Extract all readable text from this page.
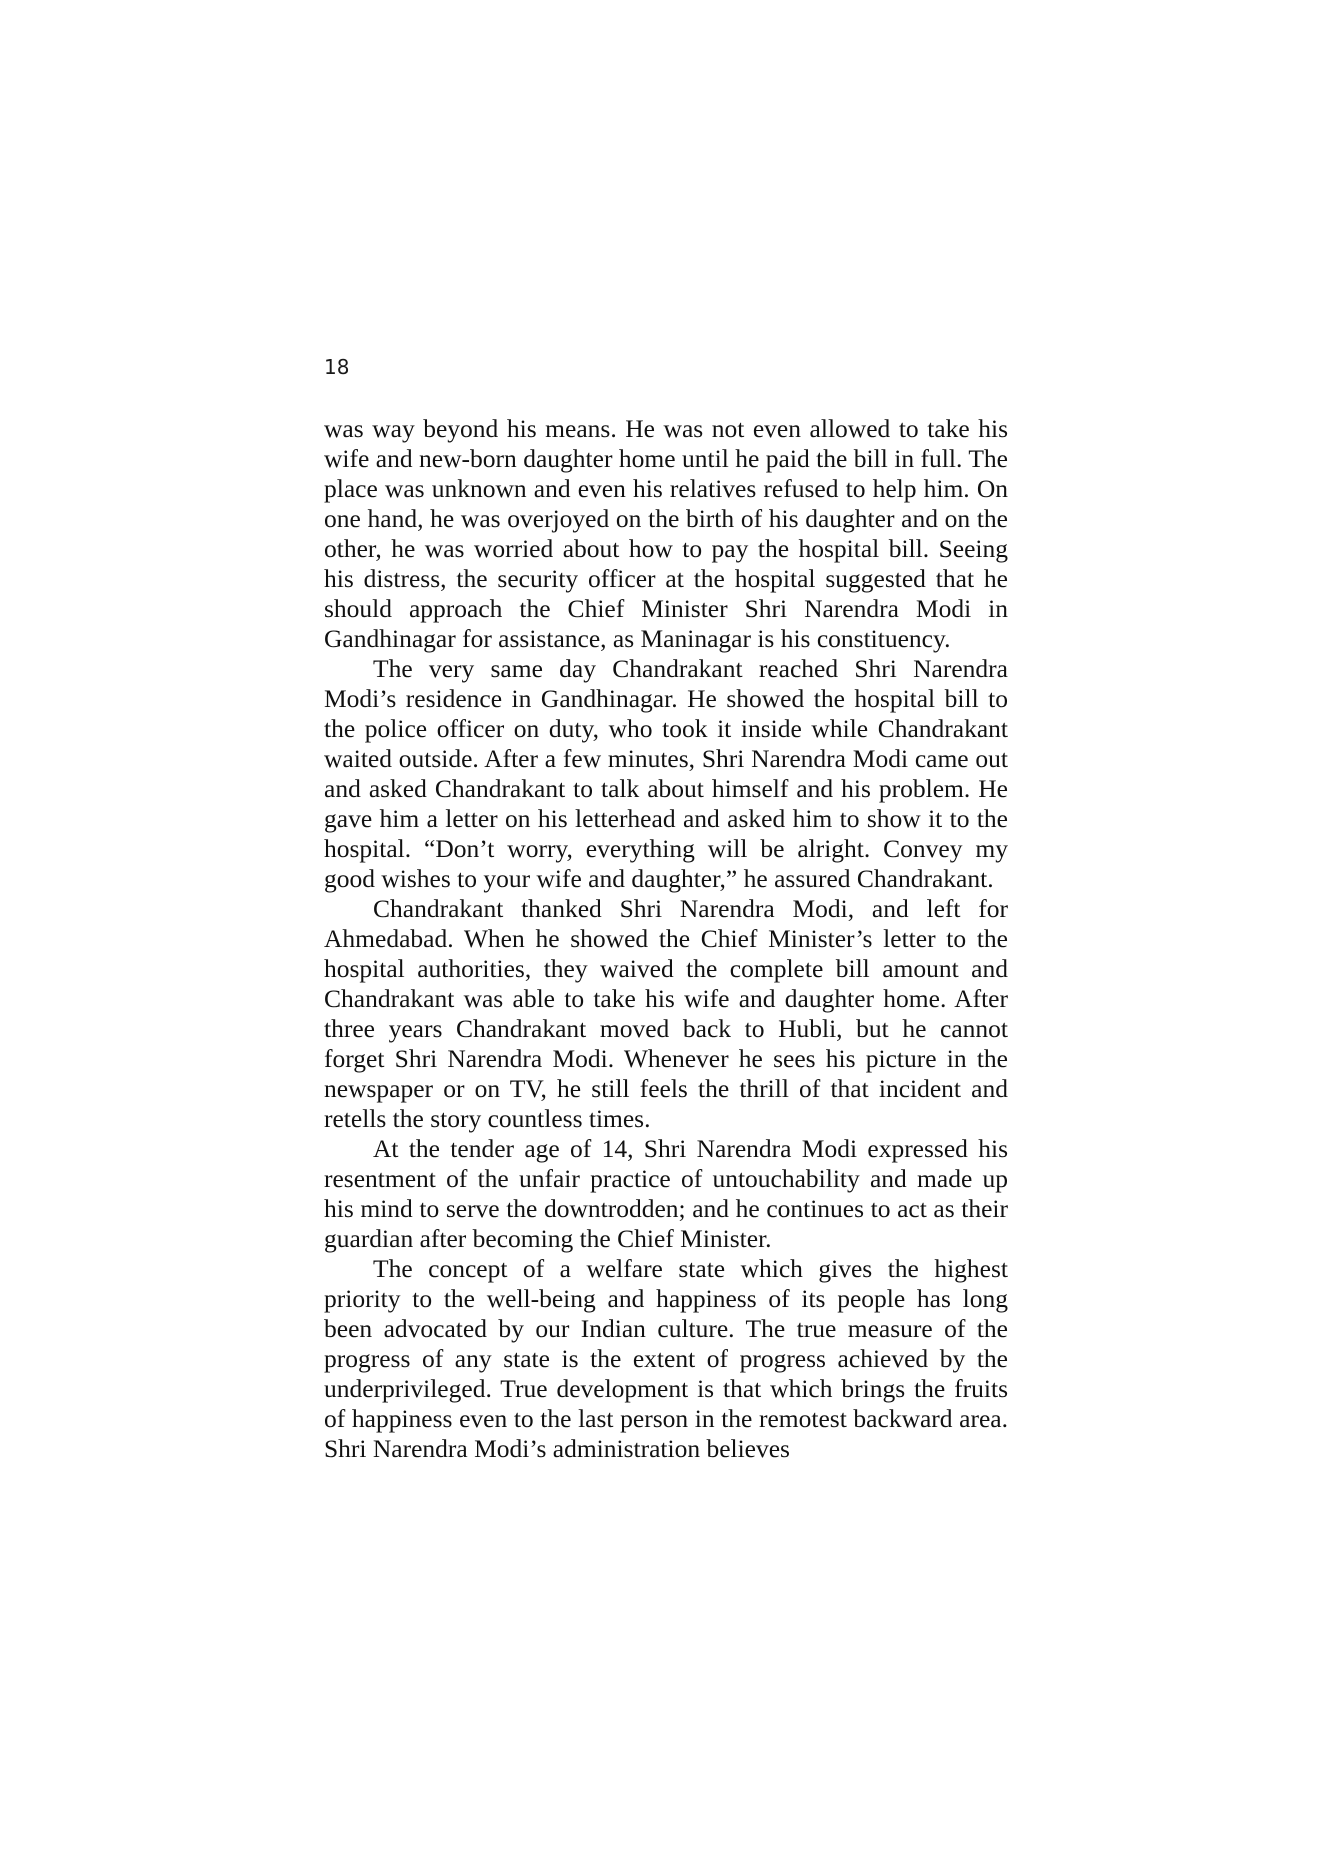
18

was way beyond his means. He was not even allowed to take his wife and new-born daughter home until he paid the bill in full. The place was unknown and even his relatives refused to help him. On one hand, he was overjoyed on the birth of his daughter and on the other, he was worried about how to pay the hospital bill. Seeing his distress, the security officer at the hospital suggested that he should approach the Chief Minister Shri Narendra Modi in Gandhinagar for assistance, as Maninagar is his constituency.

The very same day Chandrakant reached Shri Narendra Modi’s residence in Gandhinagar. He showed the hospital bill to the police officer on duty, who took it inside while Chandrakant waited outside. After a few minutes, Shri Narendra Modi came out and asked Chandrakant to talk about himself and his problem. He gave him a letter on his letterhead and asked him to show it to the hospital. “Don’t worry, everything will be alright. Convey my good wishes to your wife and daughter,” he assured Chandrakant.

Chandrakant thanked Shri Narendra Modi, and left for Ahmedabad. When he showed the Chief Minister’s letter to the hospital authorities, they waived the complete bill amount and Chandrakant was able to take his wife and daughter home. After three years Chandrakant moved back to Hubli, but he cannot forget Shri Narendra Modi. Whenever he sees his picture in the newspaper or on TV, he still feels the thrill of that incident and retells the story countless times.

At the tender age of 14, Shri Narendra Modi expressed his resentment of the unfair practice of untouchability and made up his mind to serve the downtrodden; and he continues to act as their guardian after becoming the Chief Minister.

The concept of a welfare state which gives the highest priority to the well-being and happiness of its people has long been advocated by our Indian culture. The true measure of the progress of any state is the extent of progress achieved by the underprivileged. True development is that which brings the fruits of happiness even to the last person in the remotest backward area. Shri Narendra Modi’s administration believes
